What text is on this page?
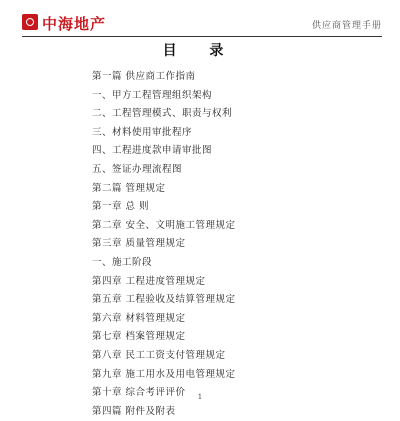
中海地产	供应商管理手册
目 录
第一篇 供应商工作指南
一、甲方工程管理组织架构
二、工程管理模式、职责与权利
三、材料使用审批程序
四、工程进度款申请审批图
五、签证办理流程图
第二篇 管理规定
第一章 总 则
第二章 安全、文明施工管理规定
第三章 质量管理规定
一、施工阶段
第四章 工程进度管理规定
第五章 工程验收及结算管理规定
第六章 材料管理规定
第七章 档案管理规定
第八章 民工工资支付管理规定
第九章 施工用水及用电管理规定
第十章 综合考评评价
第四篇 附件及附表
1
